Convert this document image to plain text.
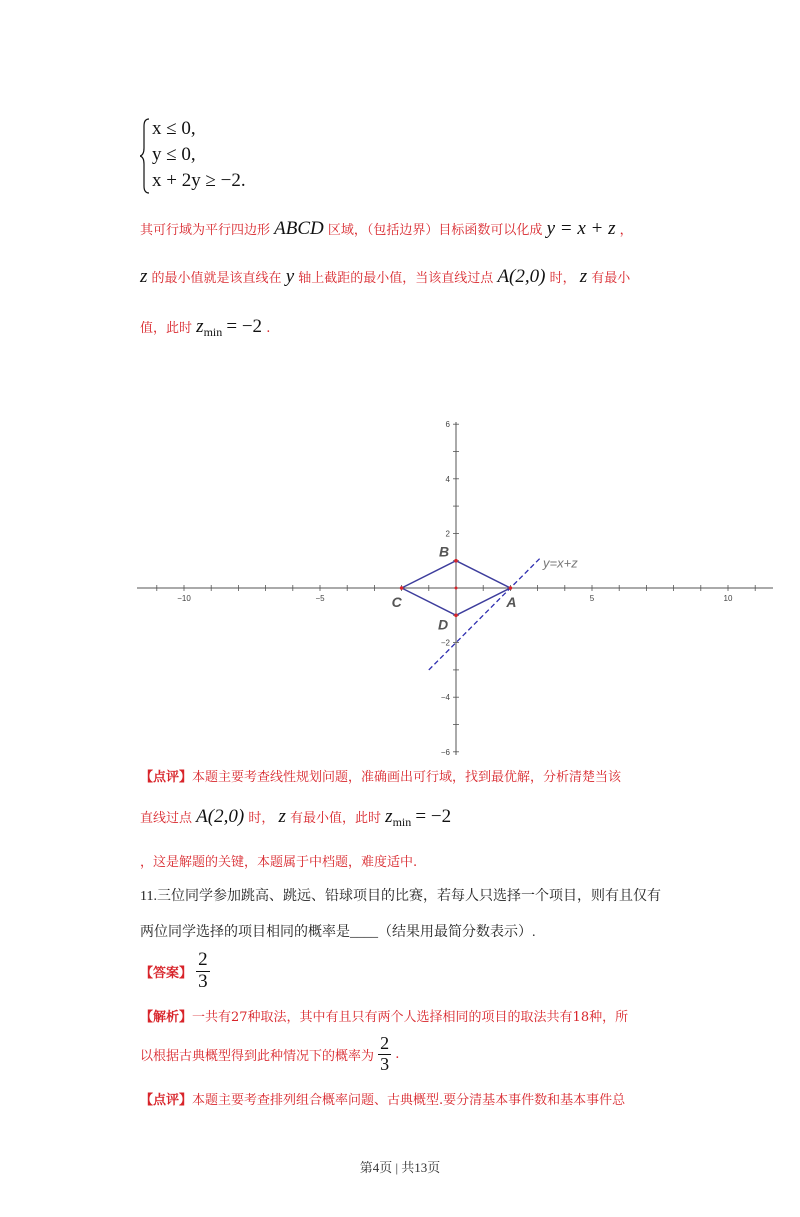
x ≤ 0,
y ≤ 0,
x + 2y ≥ −2.
其可行域为平行四边形 ABCD 区域，（包括边界）目标函数可以化成 y = x + z ，
z 的最小值就是该直线在 y 轴上截距的最小值，当该直线过点 A(2,0) 时， z 有最小
值，此时 zmin = −2 .
−10	−5	5	10
6
4
2
−2
−4
−6
A
B
C
D
y=x+z
【点评】本题主要考查线性规划问题，准确画出可行域，找到最优解，分析清楚当该
直线过点 A(2,0) 时， z 有最小值，此时 zmin = −2
，这是解题的关键，本题属于中档题，难度适中.
11.三位同学参加跳高、跳远、铅球项目的比赛，若每人只选择一个项目，则有且仅有
两位同学选择的项目相同的概率是____（结果用最简分数表示）.
【答案】 $\frac{2}{3}$
【解析】一共有27种取法，其中有且只有两个人选择相同的项目的取法共有18种，所
以根据古典概型得到此种情况下的概率为 $\frac{2}{3}$ .
【点评】本题主要考查排列组合概率问题、古典概型.要分清基本事件数和基本事件总
第4页 | 共13页
